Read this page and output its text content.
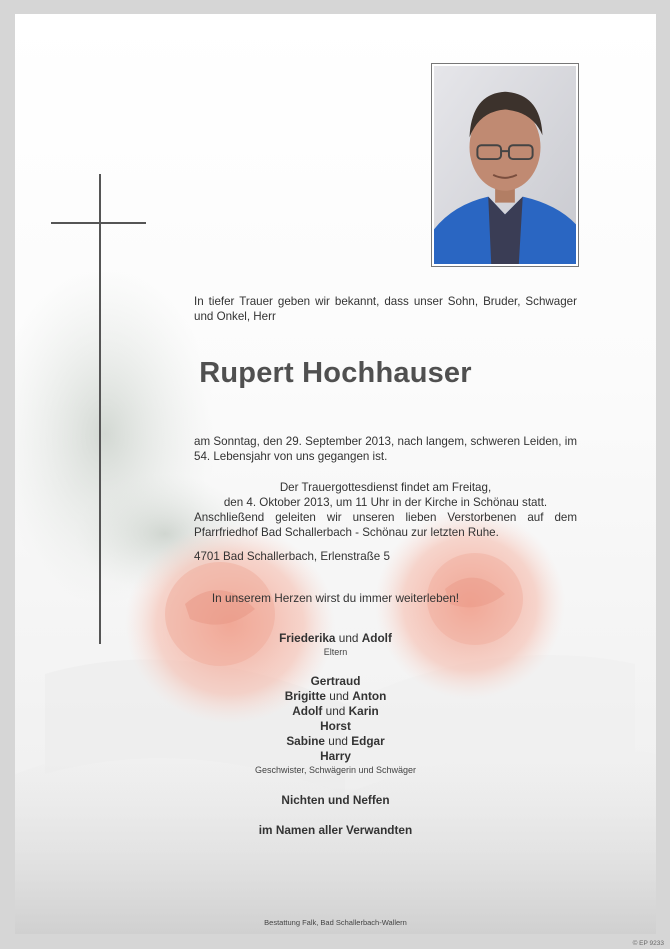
In tiefer Trauer geben wir bekannt, dass unser Sohn, Bruder, Schwager und Onkel, Herr
Rupert Hochhauser
am Sonntag, den 29. September 2013, nach langem, schweren Leiden, im 54. Lebensjahr von uns gegangen ist.
Der Trauergottesdienst findet am Freitag,
den 4. Oktober 2013, um 11 Uhr in der Kirche in Schönau statt.
Anschließend geleiten wir unseren lieben Verstorbenen auf dem Pfarrfriedhof Bad Schallerbach - Schönau zur letzten Ruhe.
4701 Bad Schallerbach, Erlenstraße 5
In unserem Herzen wirst du immer weiterleben!
Friederika und Adolf
Eltern
Gertraud
Brigitte und Anton
Adolf und Karin
Horst
Sabine und Edgar
Harry
Geschwister, Schwägerin und Schwäger
Nichten und Neffen
im Namen aller Verwandten
Bestattung Falk, Bad Schallerbach-Wallern
© EP 9233
